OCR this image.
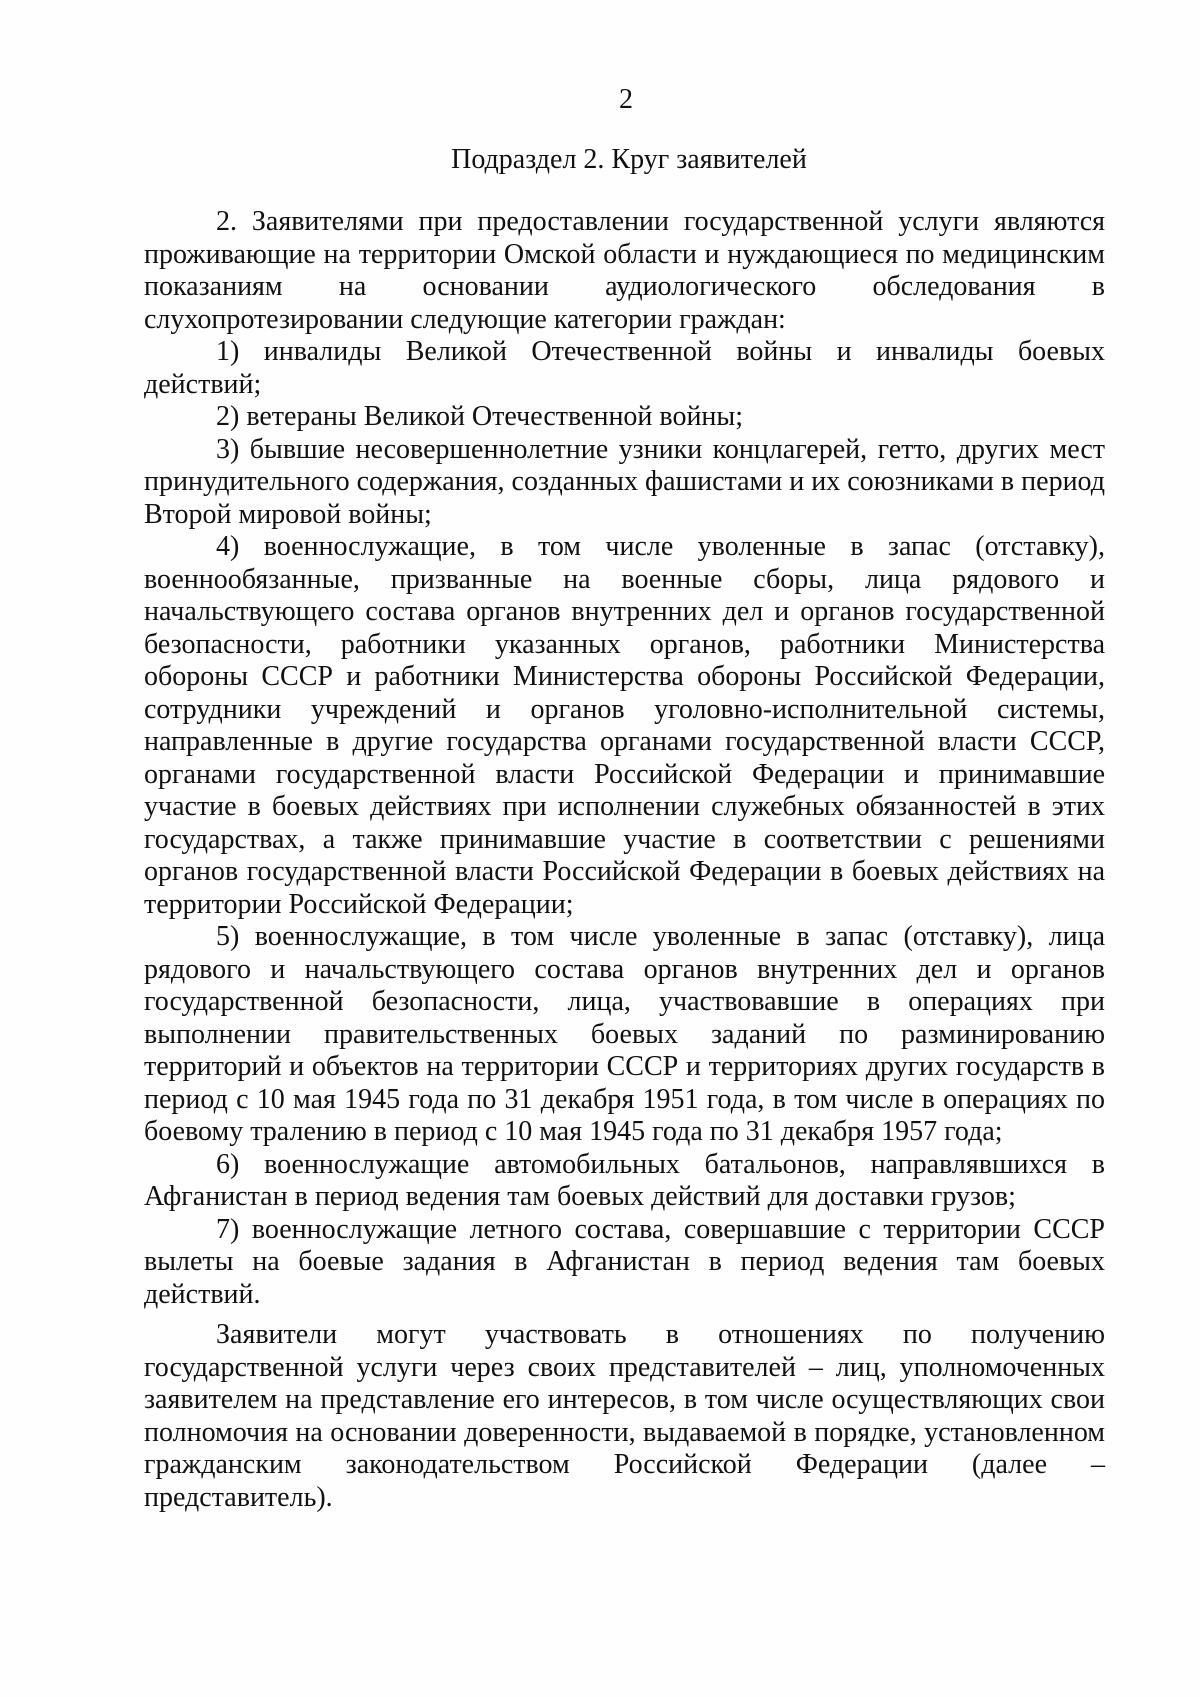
2
Подраздел 2. Круг заявителей

2. Заявителями при предоставлении государственной услуги являются проживающие на территории Омской области и нуждающиеся по медицинским показаниям на основании аудиологического обследования в слухопротезировании следующие категории граждан:

1) инвалиды Великой Отечественной войны и инвалиды боевых действий;

2) ветераны Великой Отечественной войны;

3) бывшие несовершеннолетние узники концлагерей, гетто, других мест принудительного содержания, созданных фашистами и их союзниками в период Второй мировой войны;

4) военнослужащие, в том числе уволенные в запас (отставку), военнообязанные, призванные на военные сборы, лица рядового и начальствующего состава органов внутренних дел и органов государственной безопасности, работники указанных органов, работники Министерства обороны СССР и работники Министерства обороны Российской Федерации, сотрудники учреждений и органов уголовно-исполнительной системы, направленные в другие государства органами государственной власти СССР, органами государственной власти Российской Федерации и принимавшие участие в боевых действиях при исполнении служебных обязанностей в этих государствах, а также принимавшие участие в соответствии с решениями органов государственной власти Российской Федерации в боевых действиях на территории Российской Федерации;

5) военнослужащие, в том числе уволенные в запас (отставку), лица рядового и начальствующего состава органов внутренних дел и органов государственной безопасности, лица, участвовавшие в операциях при выполнении правительственных боевых заданий по разминированию территорий и объектов на территории СССР и территориях других государств в период с 10 мая 1945 года по 31 декабря 1951 года, в том числе в операциях по боевому тралению в период с 10 мая 1945 года по 31 декабря 1957 года;

6) военнослужащие автомобильных батальонов, направлявшихся в Афганистан в период ведения там боевых действий для доставки грузов;

7) военнослужащие летного состава, совершавшие с территории СССР вылеты на боевые задания в Афганистан в период ведения там боевых действий.

Заявители могут участвовать в отношениях по получению государственной услуги через своих представителей – лиц, уполномоченных заявителем на представление его интересов, в том числе осуществляющих свои полномочия на основании доверенности, выдаваемой в порядке, установленном гражданским законодательством Российской Федерации (далее – представитель).
